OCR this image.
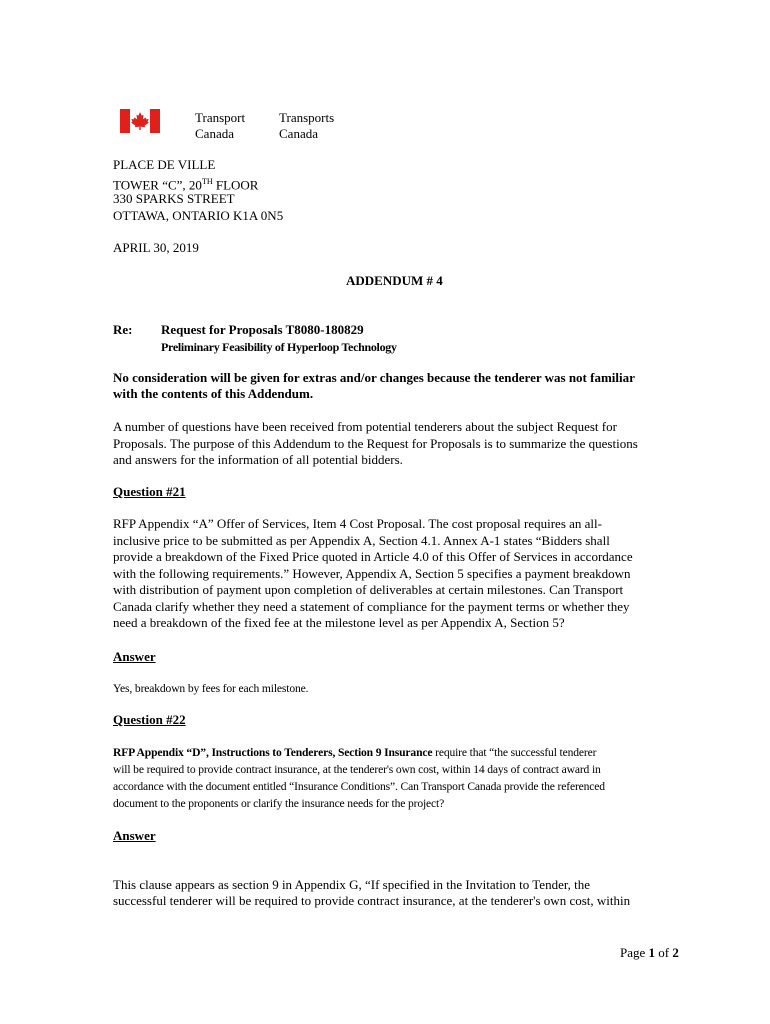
Transport
Canada
Transports
Canada
PLACE DE VILLE
TOWER “C”, 20TH FLOOR
330 SPARKS STREET
OTTAWA, ONTARIO K1A 0N5
APRIL 30, 2019
ADDENDUM # 4
Re: Request for Proposals T8080-180829
Preliminary Feasibility of Hyperloop Technology
No consideration will be given for extras and/or changes because the tenderer was not familiar
with the contents of this Addendum.
A number of questions have been received from potential tenderers about the subject Request for
Proposals. The purpose of this Addendum to the Request for Proposals is to summarize the questions
and answers for the information of all potential bidders.
Question #21
RFP Appendix “A” Offer of Services, Item 4 Cost Proposal. The cost proposal requires an all-
inclusive price to be submitted as per Appendix A, Section 4.1. Annex A-1 states “Bidders shall
provide a breakdown of the Fixed Price quoted in Article 4.0 of this Offer of Services in accordance
with the following requirements.” However, Appendix A, Section 5 specifies a payment breakdown
with distribution of payment upon completion of deliverables at certain milestones. Can Transport
Canada clarify whether they need a statement of compliance for the payment terms or whether they
need a breakdown of the fixed fee at the milestone level as per Appendix A, Section 5?
Answer
Yes, breakdown by fees for each milestone.
Question #22
RFP Appendix “D”, Instructions to Tenderers, Section 9 Insurance require that “the successful tenderer
will be required to provide contract insurance, at the tenderer's own cost, within 14 days of contract award in
accordance with the document entitled “Insurance Conditions”. Can Transport Canada provide the referenced
document to the proponents or clarify the insurance needs for the project?
Answer
This clause appears as section 9 in Appendix G, “If specified in the Invitation to Tender, the
successful tenderer will be required to provide contract insurance, at the tenderer's own cost, within
Page 1 of 2
